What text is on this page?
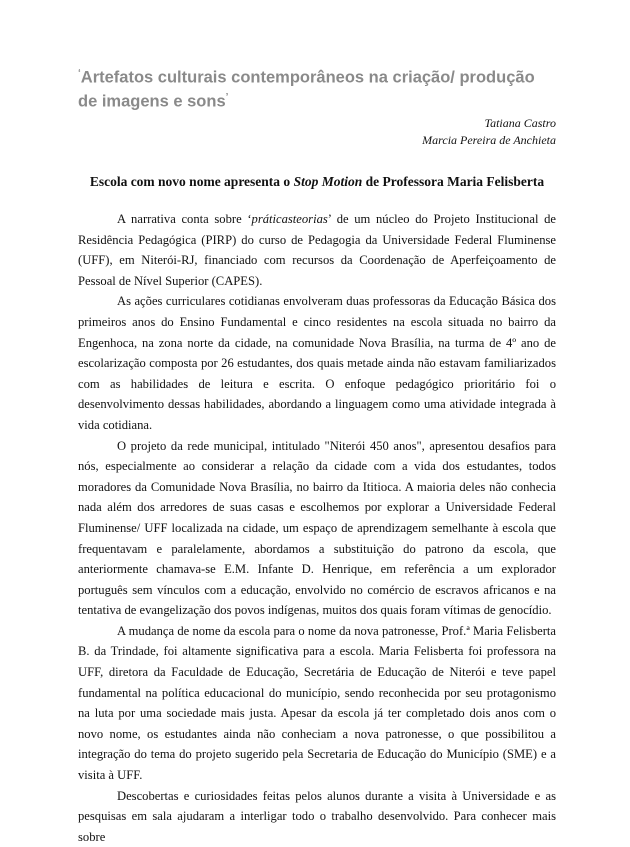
‘Artefatos culturais contemporâneos na criação/ produção de imagens e sons’
Tatiana Castro
Marcia Pereira de Anchieta
Escola com novo nome apresenta o Stop Motion de Professora Maria Felisberta

A narrativa conta sobre ‘práticasteorias’ de um núcleo do Projeto Institucional de Residência Pedagógica (PIRP) do curso de Pedagogia da Universidade Federal Fluminense (UFF), em Niterói-RJ, financiado com recursos da Coordenação de Aperfeiçoamento de Pessoal de Nível Superior (CAPES).

As ações curriculares cotidianas envolveram duas professoras da Educação Básica dos primeiros anos do Ensino Fundamental e cinco residentes na escola situada no bairro da Engenhoca, na zona norte da cidade, na comunidade Nova Brasília, na turma de 4º ano de escolarização composta por 26 estudantes, dos quais metade ainda não estavam familiarizados com as habilidades de leitura e escrita. O enfoque pedagógico prioritário foi o desenvolvimento dessas habilidades, abordando a linguagem como uma atividade integrada à vida cotidiana.

O projeto da rede municipal, intitulado "Niterói 450 anos", apresentou desafios para nós, especialmente ao considerar a relação da cidade com a vida dos estudantes, todos moradores da Comunidade Nova Brasília, no bairro da Ititioca. A maioria deles não conhecia nada além dos arredores de suas casas e escolhemos por explorar a Universidade Federal Fluminense/ UFF localizada na cidade, um espaço de aprendizagem semelhante à escola que frequentavam e paralelamente, abordamos a substituição do patrono da escola, que anteriormente chamava-se E.M. Infante D. Henrique, em referência a um explorador português sem vínculos com a educação, envolvido no comércio de escravos africanos e na tentativa de evangelização dos povos indígenas, muitos dos quais foram vítimas de genocídio.

A mudança de nome da escola para o nome da nova patronesse, Prof.ª Maria Felisberta B. da Trindade, foi altamente significativa para a escola. Maria Felisberta foi professora na UFF, diretora da Faculdade de Educação, Secretária de Educação de Niterói e teve papel fundamental na política educacional do município, sendo reconhecida por seu protagonismo na luta por uma sociedade mais justa. Apesar da escola já ter completado dois anos com o novo nome, os estudantes ainda não conheciam a nova patronesse, o que possibilitou a integração do tema do projeto sugerido pela Secretaria de Educação do Município (SME) e a visita à UFF.

Descobertas e curiosidades feitas pelos alunos durante a visita à Universidade e as pesquisas em sala ajudaram a interligar todo o trabalho desenvolvido. Para conhecer mais sobre
